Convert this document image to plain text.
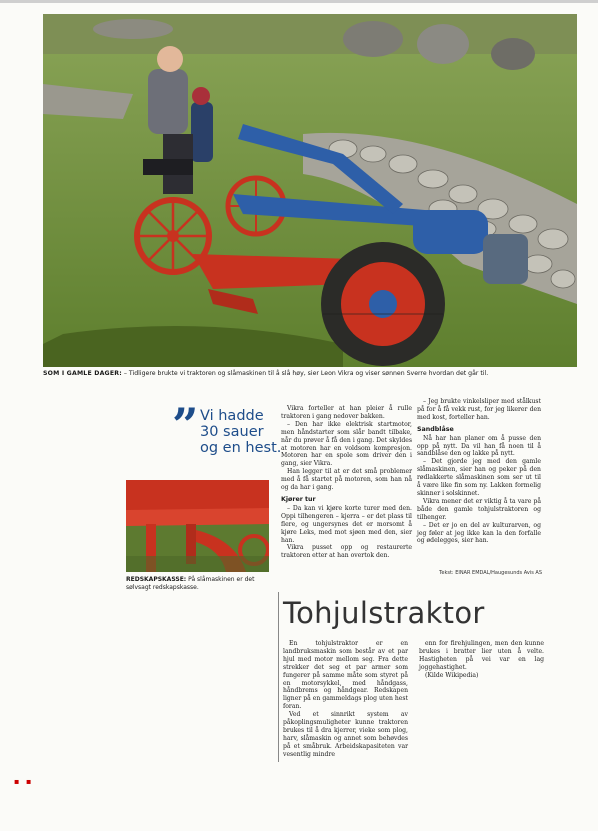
SOM I GAMLE DAGER: – Tidligere brukte vi traktoren og slåmaskinen til å slå høy, sier Leon Vikra og viser sønnen Sverre hvordan det går til.
” Vi hadde
30 sauer
og en hest.
REDSKAPSKASSE: På slåmaskinen er det sølvsagt redskapskasse.

Vikra forteller at han pleier å rulle traktoren i gang nedover bakken.

– Den har ikke elektrisk startmotor, men håndstarter som slår bandt tilbake, når du prøver å få den i gang. Det skyldes at motoren har en voldsom kompresjon. Motoren har en spole som driver den i gang, sier Vikra.

Han legger til at er det små problemer med å få startet på motoren, som han nå og da har i gang.

Kjører tur

– Da kan vi kjøre korte turer med den. Oppi tilhengeren – kjerra – er det plass til flere, og ungersynes det er morsomt å kjøre Leks, med mot sjøen med den, sier han.

Vikra pusset opp og restaurerte traktoren etter at han overtok den.

– Jeg brukte vinkelsliper med stålkust på for å få vekk rust, for jeg likerer den med kost, forteller han.

Sandblåse

Nå har han planer om å pusse den opp på nytt. Da vil han få noen til å sandblåse den og lakke på nytt.

– Det gjorde jeg med den gamle slåmaskinen, sier han og peker på den rødlakkerte slåmaskinen som ser ut til å være like fin som ny. Lakken formelig skinner i solskinnet.

Vikra mener det er viktig å ta vare på både den gamle tohjulstraktoren og tilhenger.

– Det er jo en del av kulturarven, og jeg føler at jeg ikke kan la den forfalle og ødelegges, sier han.

Tekst: EINAR EMDAL/Haugesunds Avis AS
Tohjulstraktor

En tohjulstraktor er en landbruksmaskin som består av et par hjul med motor mellom seg. Fra dette strekker det seg et par armer som fungerer på samme måte som styret på en motorsykkel, med håndgass, håndbrems og håndgear. Redskapen ligner på en gammeldags plog uten hest foran.

Ved et sinnrikt system av påkoplingsmuligheter kunne traktoren brukes til å dra kjerrer, vieke som plog, harv, slåmaskin og annet som behøvdes på et småbruk. Arbeidskapasiteten var vesentlig mindre

enn for firehjulingen, men den kunne brukes i bratter lier uten å velte. Hastigheten på vei var en lag joggehastighet.

(Kilde Wikipedia)

▪ ▪
